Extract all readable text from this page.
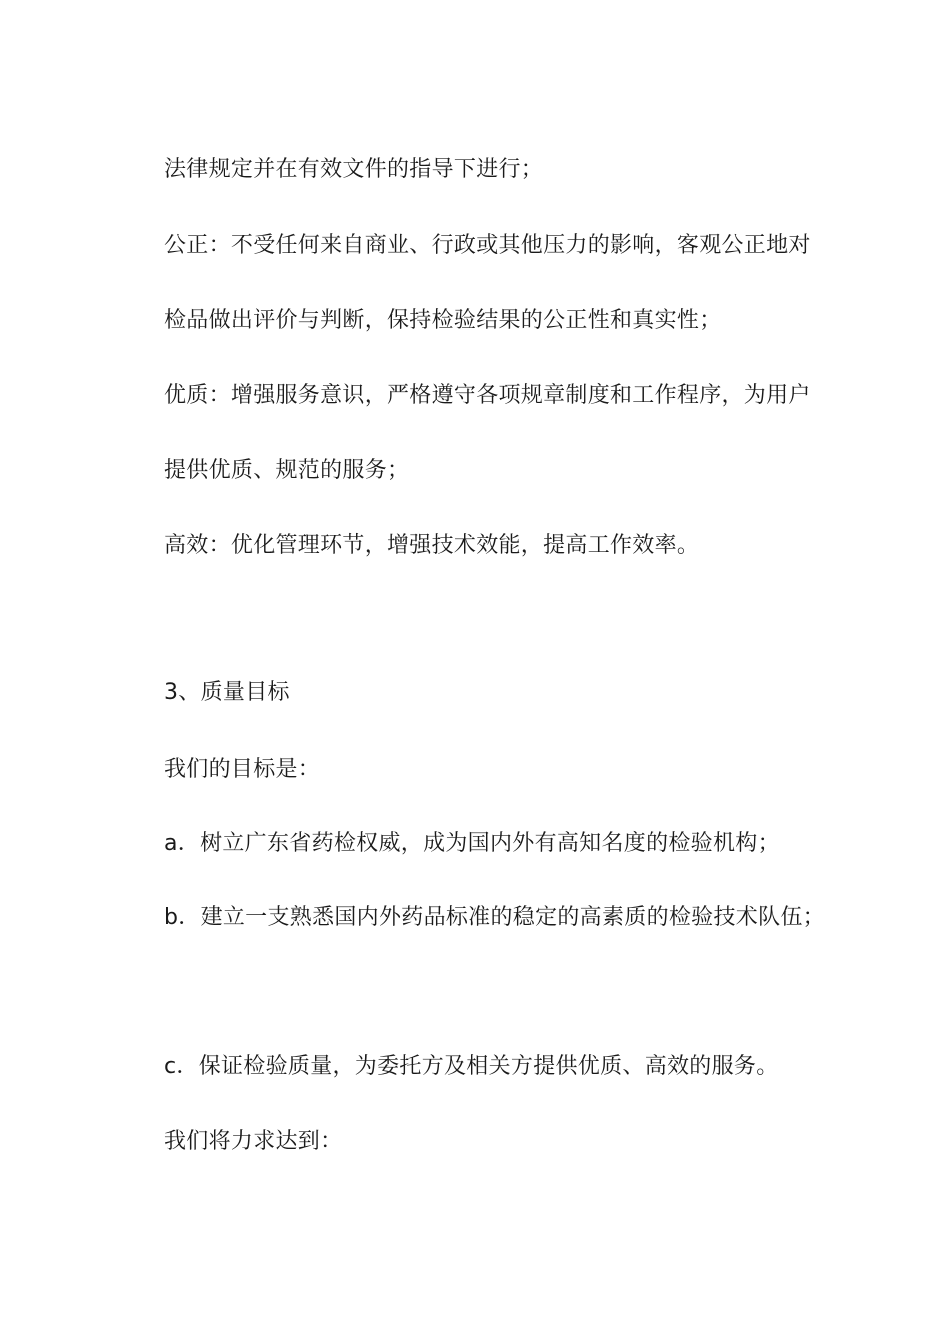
法律规定并在有效文件的指导下进行；
公正：不受任何来自商业、行政或其他压力的影响，客观公正地对
检品做出评价与判断，保持检验结果的公正性和真实性；
优质：增强服务意识，严格遵守各项规章制度和工作程序，为用户
提供优质、规范的服务；
高效：优化管理环节，增强技术效能，提高工作效率。
3、质量目标
我们的目标是：
a．树立广东省药检权威，成为国内外有高知名度的检验机构；
b．建立一支熟悉国内外药品标准的稳定的高素质的检验技术队伍；
c．保证检验质量，为委托方及相关方提供优质、高效的服务。
我们将力求达到：
